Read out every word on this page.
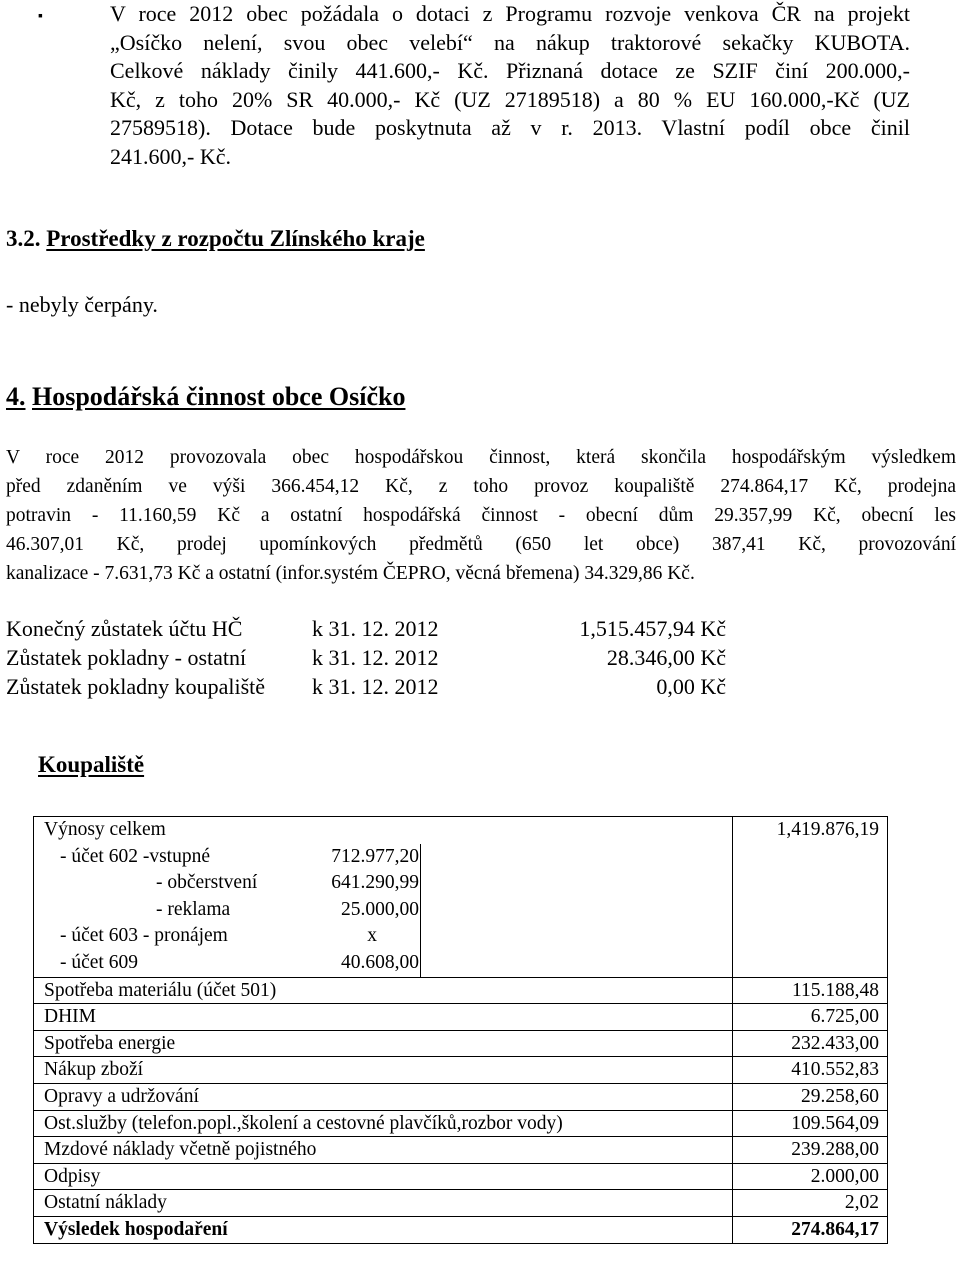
▪	V roce 2012 obec požádala o dotaci z Programu rozvoje venkova ČR na projekt
„Osíčko nelení, svou obec velebí“ na nákup traktorové sekačky KUBOTA.
Celkové náklady činily 441.600,- Kč. Přiznaná dotace ze SZIF činí 200.000,-
Kč, z toho 20% SR 40.000,- Kč (UZ 27189518) a 80 % EU 160.000,-Kč (UZ
27589518). Dotace bude poskytnuta až v r. 2013. Vlastní podíl obce činil
241.600,- Kč.
3.2. Prostředky z rozpočtu Zlínského kraje
- nebyly čerpány.
4. Hospodářská činnost obce Osíčko
V roce 2012 provozovala obec hospodářskou činnost, která skončila hospodářským výsledkem
před zdaněním ve výši 366.454,12 Kč, z toho provoz koupaliště 274.864,17 Kč, prodejna
potravin - 11.160,59 Kč a ostatní hospodářská činnost - obecní dům 29.357,99 Kč, obecní les
46.307,01 Kč, prodej upomínkových předmětů (650 let obce) 387,41 Kč, provozování
kanalizace - 7.631,73 Kč a ostatní (infor.systém ČEPRO, věcná břemena) 34.329,86 Kč.
Konečný zůstatek účtu HČ	k 31. 12. 2012	1,515.457,94 Kč
Zůstatek pokladny - ostatní	k 31. 12. 2012	28.346,00 Kč
Zůstatek pokladny koupaliště k 31. 12. 2012	0,00 Kč
Koupaliště
Výnosy celkem	1,419.876,19
- účet 602 -vstupné	712.977,20
- občerstvení	641.290,99
- reklama	25.000,00
- účet 603 - pronájem	x
- účet 609	40.608,00
Spotřeba materiálu (účet 501)	115.188,48
DHIM	6.725,00
Spotřeba energie	232.433,00
Nákup zboží	410.552,83
Opravy a udržování	29.258,60
Ost.služby (telefon.popl.,školení a cestovné plavčíků,rozbor vody)	109.564,09
Mzdové náklady včetně pojistného	239.288,00
Odpisy	2.000,00
Ostatní náklady	2,02
Výsledek hospodaření	274.864,17
